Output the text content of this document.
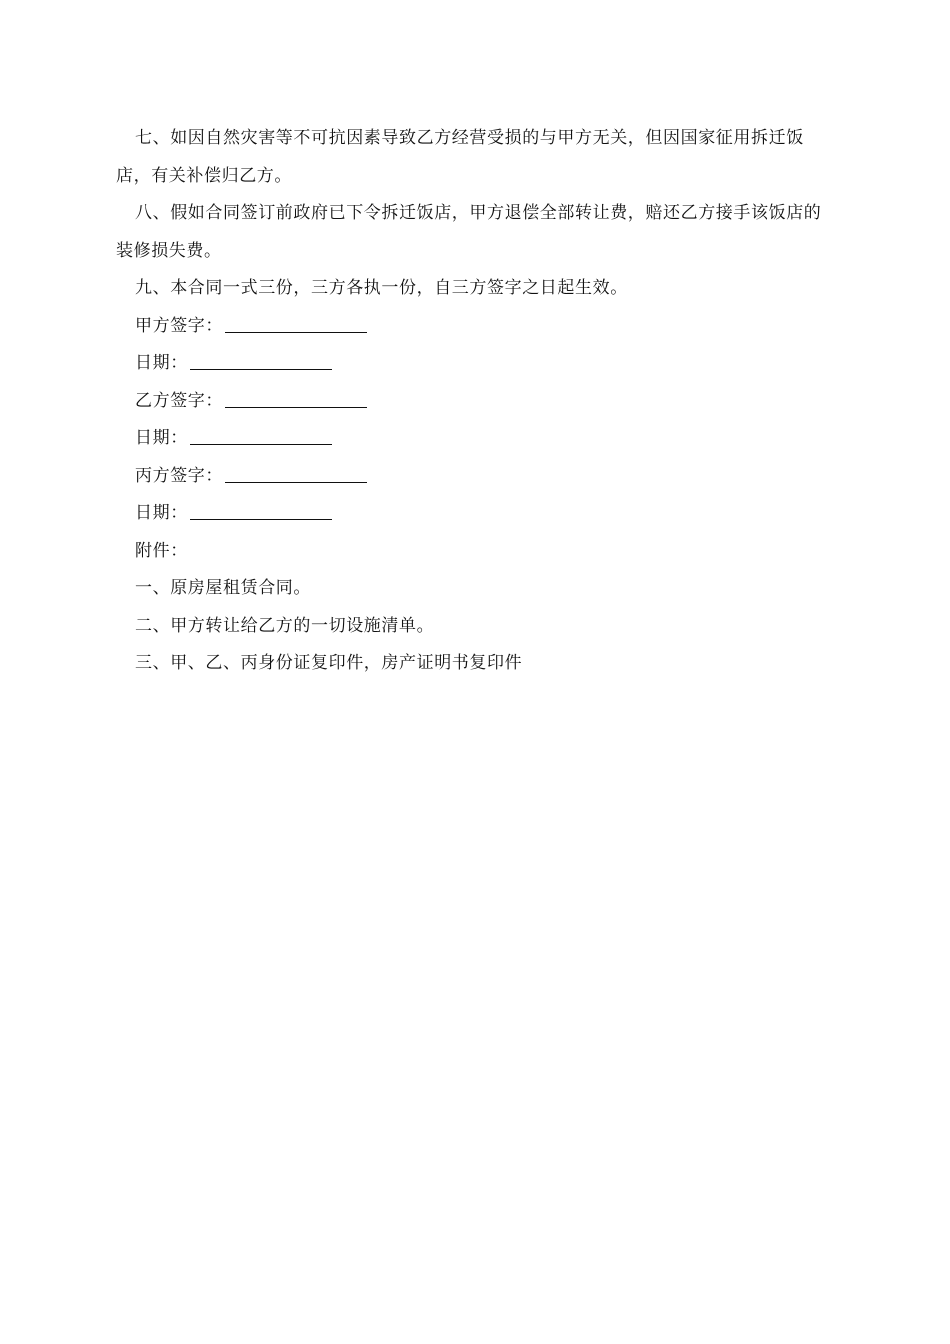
七、如因自然灾害等不可抗因素导致乙方经营受损的与甲方无关，但因国家征用拆迁饭店，有关补偿归乙方。

八、假如合同签订前政府已下令拆迁饭店，甲方退偿全部转让费，赔还乙方接手该饭店的装修损失费。

九、本合同一式三份，三方各执一份，自三方签字之日起生效。

甲方签字：
日期：
乙方签字：
日期：
丙方签字：
日期：
附件：
一、原房屋租赁合同。
二、甲方转让给乙方的一切设施清单。
三、甲、乙、丙身份证复印件，房产证明书复印件
